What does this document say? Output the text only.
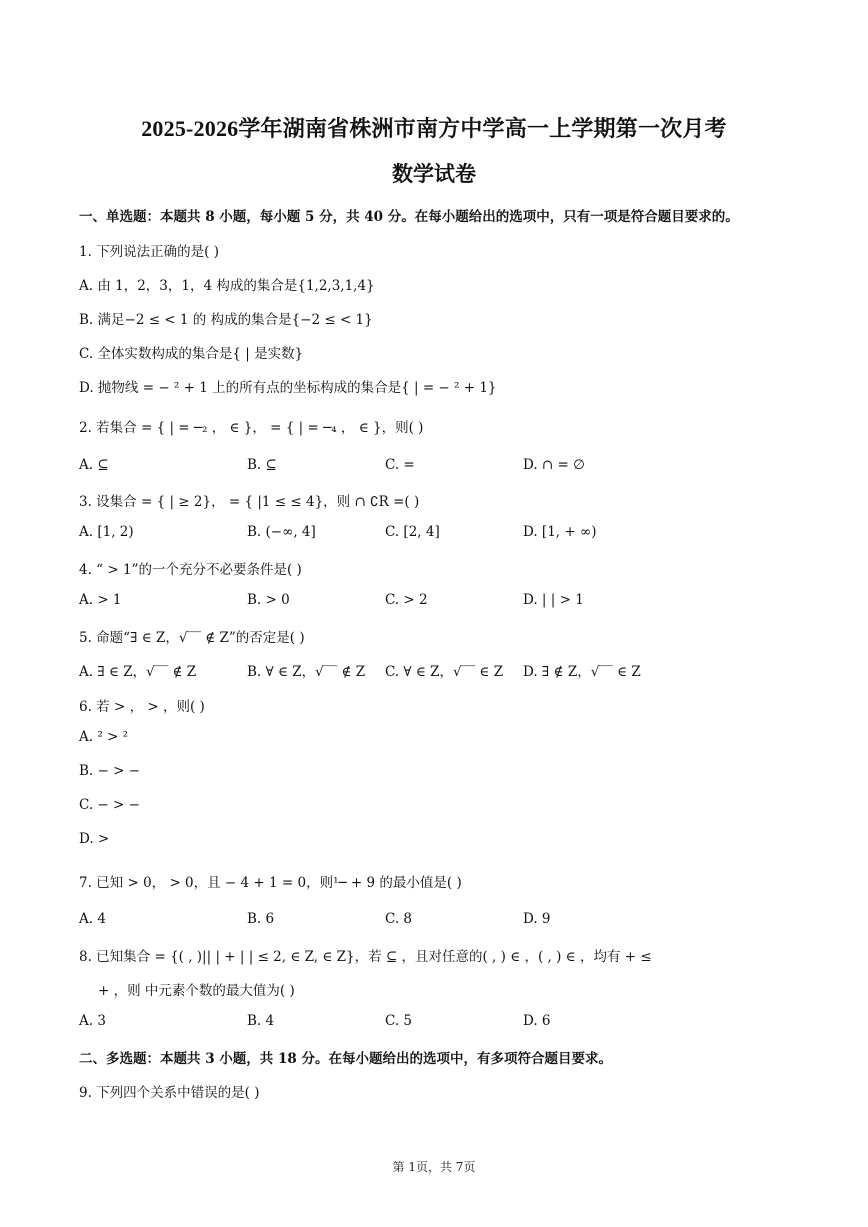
2025-2026学年湖南省株洲市南方中学高一上学期第一次月考
数学试卷
一、单选题：本题共 8 小题，每小题 5 分，共 40 分。在每小题给出的选项中，只有一项是符合题目要求的。
1. 下列说法正确的是( )
A. 由 1，2，3，1，4 构成的集合是{1,2,3,1,4}
B. 满足−2 ≤ < 1 的 构成的集合是{−2 ≤ < 1}
C. 全体实数构成的集合是{ | 是实数}
D. 抛物线 = − ² + 1 上的所有点的坐标构成的集合是{ | = − ² + 1}
2. 若集合 = { | = ─₂ ， ∈ }， = { | = ─₄ ， ∈ }，则( )
A. ⊆	B. ⊆	C. =	D. ∩ = ∅
3. 设集合 = { | ≥ 2}， = { |1 ≤ ≤ 4}，则 ∩ ∁R =( )
A. [1, 2)	B. (−∞, 4]	C. [2, 4]	D. [1, + ∞)
4. “ > 1”的一个充分不必要条件是( )
A. > 1	B. > 0	C. > 2	D. | | > 1
5. 命题“∃ ∈ Z，√‾‾ ∉ Z”的否定是( )
A. ∃ ∈ Z，√‾‾ ∉ Z	B. ∀ ∈ Z，√‾‾ ∉ Z C. ∀ ∈ Z，√‾‾ ∈ Z D. ∃ ∉ Z，√‾‾ ∈ Z
6. 若 > ， > ，则( )
A. ² > ²
B. − > −
C. − > −
D. >
7. 已知 > 0， > 0，且 − 4 + 1 = 0，则¹─ + 9 的最小值是( )
A. 4	B. 6	C. 8	D. 9
8. 已知集合 = {( , )|| | + | | ≤ 2, ∈ Z, ∈ Z}，若 ⊆ ，且对任意的( , ) ∈ ，( , ) ∈ ，均有 + ≤
+ ，则 中元素个数的最大值为( )
A. 3	B. 4	C. 5	D. 6
二、多选题：本题共 3 小题，共 18 分。在每小题给出的选项中，有多项符合题目要求。
9. 下列四个关系中错误的是( )
第 1页，共 7页
